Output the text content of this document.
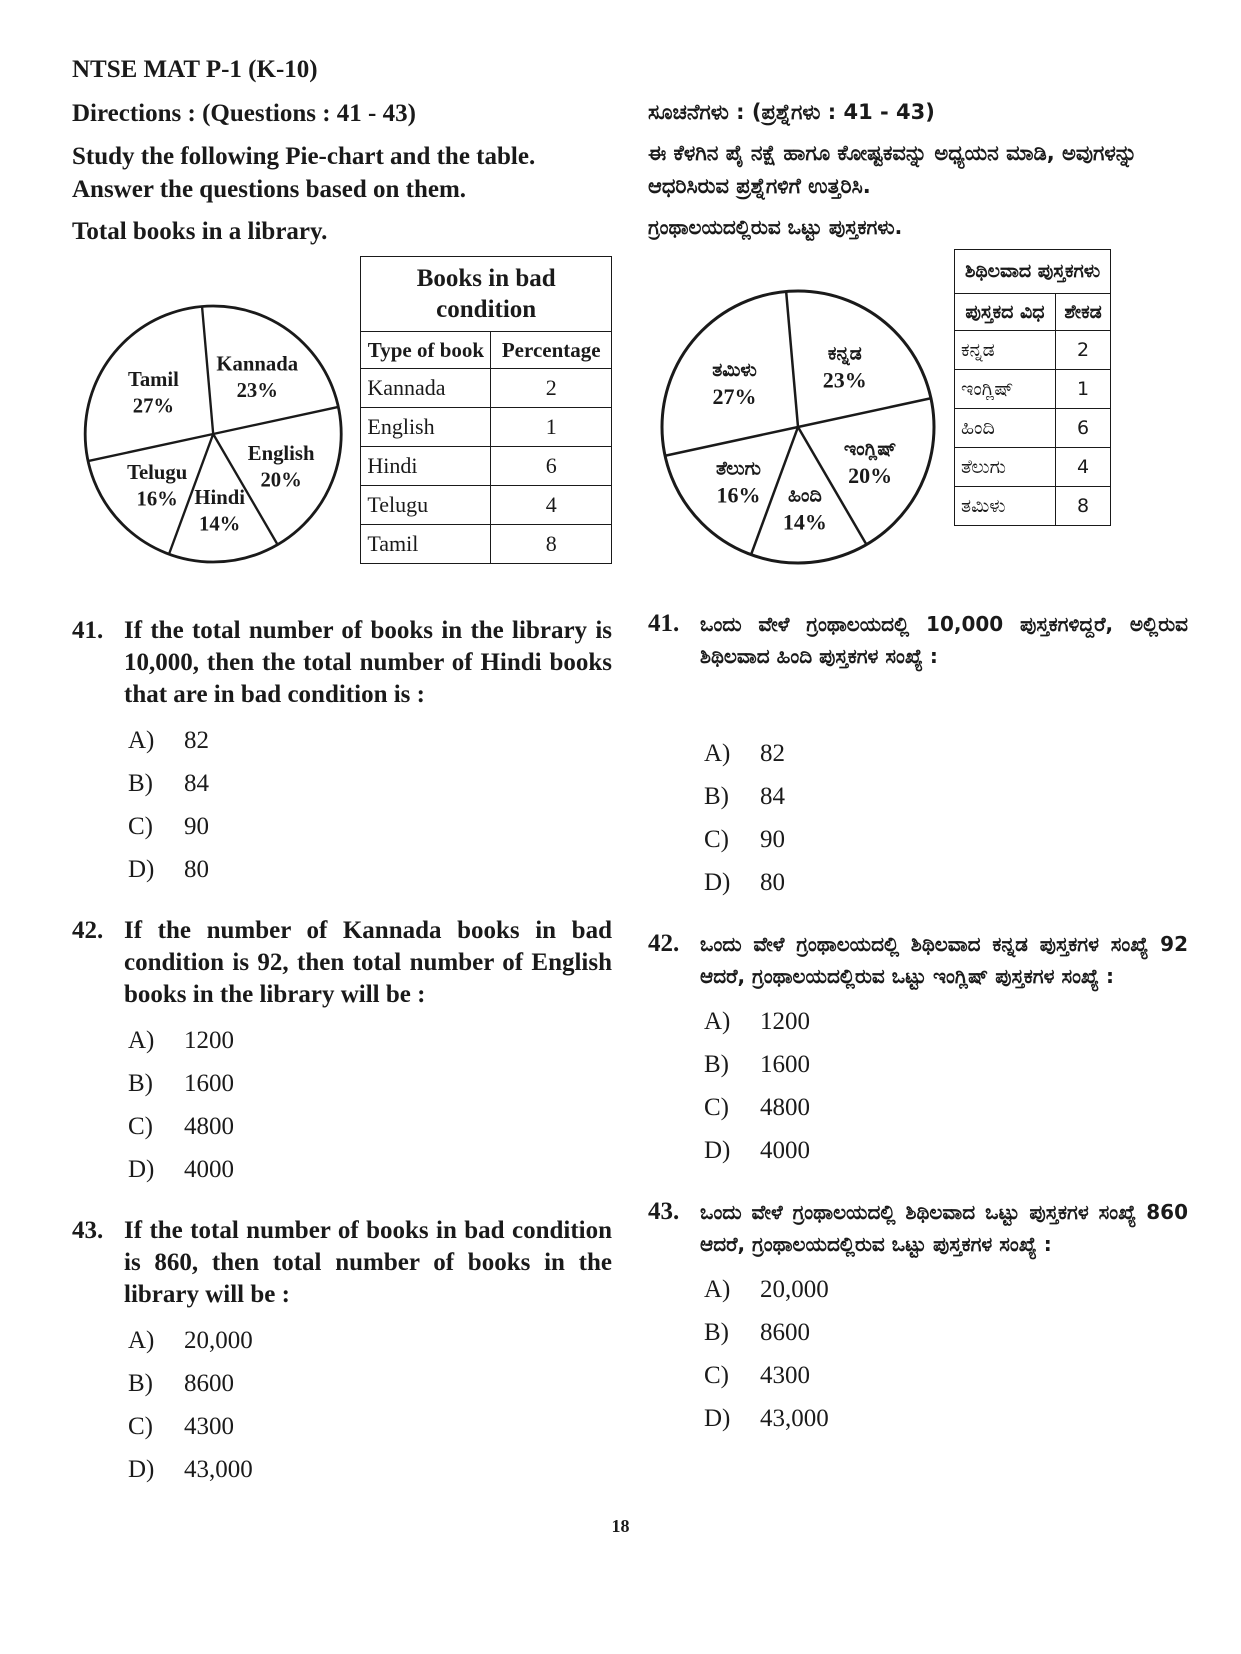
NTSE MAT P-1 (K-10)
Directions : (Questions : 41 - 43)
Study the following Pie-chart and the table. Answer the questions based on them.
Total books in a library.
Tamil
27%
Kannada
23%
English
20%
Hindi
14%
Telugu
16%
Books in bad condition	
Type of book	Percentage
Kannada	2
English	1
Hindi	6
Telugu	4
Tamil	8
41. If the total number of books in the library is 10,000, then the total number of Hindi books that are in bad condition is :
A)	82
B)	84
C)	90
D)	80
42. If the number of Kannada books in bad condition is 92, then total number of English books in the library will be :
A)	1200
B)	1600
C)	4800
D)	4000
43. If the total number of books in bad condition is 860, then total number of books in the library will be :
A)	20,000
B)	8600
C)	4300
D)	43,000
ಸೂಚನೆಗಳು : (ಪ್ರಶ್ನೆಗಳು : 41 - 43)
ಈ ಕೆಳಗಿನ ಪೈ ನಕ್ಷೆ ಹಾಗೂ ಕೋಷ್ಟಕವನ್ನು ಅಧ್ಯಯನ ಮಾಡಿ, ಅವುಗಳನ್ನು ಆಧರಿಸಿರುವ ಪ್ರಶ್ನೆಗಳಿಗೆ ಉತ್ತರಿಸಿ.
ಗ್ರಂಥಾಲಯದಲ್ಲಿರುವ ಒಟ್ಟು ಪುಸ್ತಕಗಳು.
ತಮಿಳು
27%
ಕನ್ನಡ
23%
ಇಂಗ್ಲಿಷ್
20%
ಹಿಂದಿ
14%
ತೆಲುಗು
16%
ಶಿಥಿಲವಾದ ಪುಸ್ತಕಗಳು	
ಪುಸ್ತಕದ ವಿಧ	ಶೇಕಡ
ಕನ್ನಡ	2
ಇಂಗ್ಲಿಷ್	1
ಹಿಂದಿ	6
ತೆಲುಗು	4
ತಮಿಳು	8
41.	ಒಂದು ವೇಳೆ ಗ್ರಂಥಾಲಯದಲ್ಲಿ 10,000 ಪುಸ್ತಕಗಳಿದ್ದರೆ, ಅಲ್ಲಿರುವ ಶಿಥಿಲವಾದ ಹಿಂದಿ ಪುಸ್ತಕಗಳ ಸಂಖ್ಯೆ :
A)	82
B)	84
C)	90
D)	80
42.	ಒಂದು ವೇಳೆ ಗ್ರಂಥಾಲಯದಲ್ಲಿ ಶಿಥಿಲವಾದ ಕನ್ನಡ ಪುಸ್ತಕಗಳ ಸಂಖ್ಯೆ 92 ಆದರೆ, ಗ್ರಂಥಾಲಯದಲ್ಲಿರುವ ಒಟ್ಟು ಇಂಗ್ಲಿಷ್ ಪುಸ್ತಕಗಳ ಸಂಖ್ಯೆ :
A)	1200
B)	1600
C)	4800
D)	4000
43.	ಒಂದು ವೇಳೆ ಗ್ರಂಥಾಲಯದಲ್ಲಿ ಶಿಥಿಲವಾದ ಒಟ್ಟು ಪುಸ್ತಕಗಳ ಸಂಖ್ಯೆ 860 ಆದರೆ, ಗ್ರಂಥಾಲಯದಲ್ಲಿರುವ ಒಟ್ಟು ಪುಸ್ತಕಗಳ ಸಂಖ್ಯೆ :
A)	20,000
B)	8600
C)	4300
D)	43,000
18
